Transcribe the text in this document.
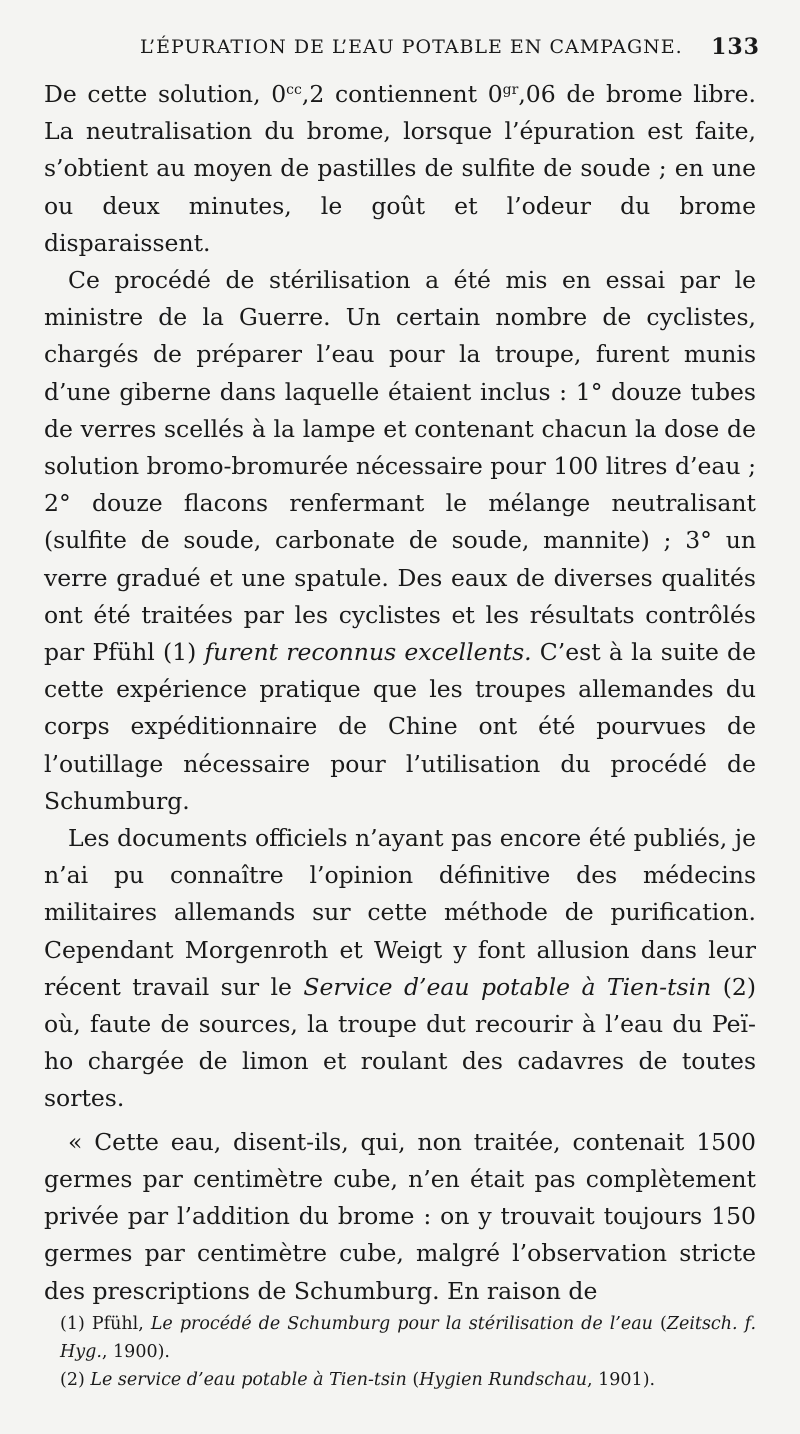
L’ÉPURATION DE L’EAU POTABLE EN CAMPAGNE. 133

De cette solution, $0^{cc},2$ contiennent $0^{gr},06$ de brome libre. La neutralisation du brome, lorsque l’épuration est faite, s’obtient au moyen de pastilles de sulfite de soude ; en une ou deux minutes, le goût et l’odeur du brome disparaissent.

Ce procédé de stérilisation a été mis en essai par le ministre de la Guerre. Un certain nombre de cyclistes, chargés de préparer l’eau pour la troupe, furent munis d’une giberne dans laquelle étaient inclus : 1° douze tubes de verres scellés à la lampe et contenant chacun la dose de solution bromo-bromurée nécessaire pour 100 litres d’eau ; 2° douze flacons renfermant le mélange neutralisant (sulfite de soude, carbonate de soude, mannite) ; 3° un verre gradué et une spatule. Des eaux de diverses qualités ont été traitées par les cyclistes et les résultats contrôlés par Pfühl (1) furent reconnus excellents. C’est à la suite de cette expérience pratique que les troupes allemandes du corps expéditionnaire de Chine ont été pourvues de l’outillage nécessaire pour l’utilisation du procédé de Schumburg.

Les documents officiels n’ayant pas encore été publiés, je n’ai pu connaître l’opinion définitive des médecins militaires allemands sur cette méthode de purification. Cependant Morgenroth et Weigt y font allusion dans leur récent travail sur le Service d’eau potable à Tien-tsin (2) où, faute de sources, la troupe dut recourir à l’eau du Peï-ho chargée de limon et roulant des cadavres de toutes sortes.

« Cette eau, disent-ils, qui, non traitée, contenait 1500 germes par centimètre cube, n’en était pas complètement privée par l’addition du brome : on y trouvait toujours 150 germes par centimètre cube, malgré l’observation stricte des prescriptions de Schumburg. En raison de

(1) Pfühl, Le procédé de Schumburg pour la stérilisation de l’eau (Zeitsch. f. Hyg., 1900).

(2) Le service d’eau potable à Tien-tsin (Hygien Rundschau, 1901).
